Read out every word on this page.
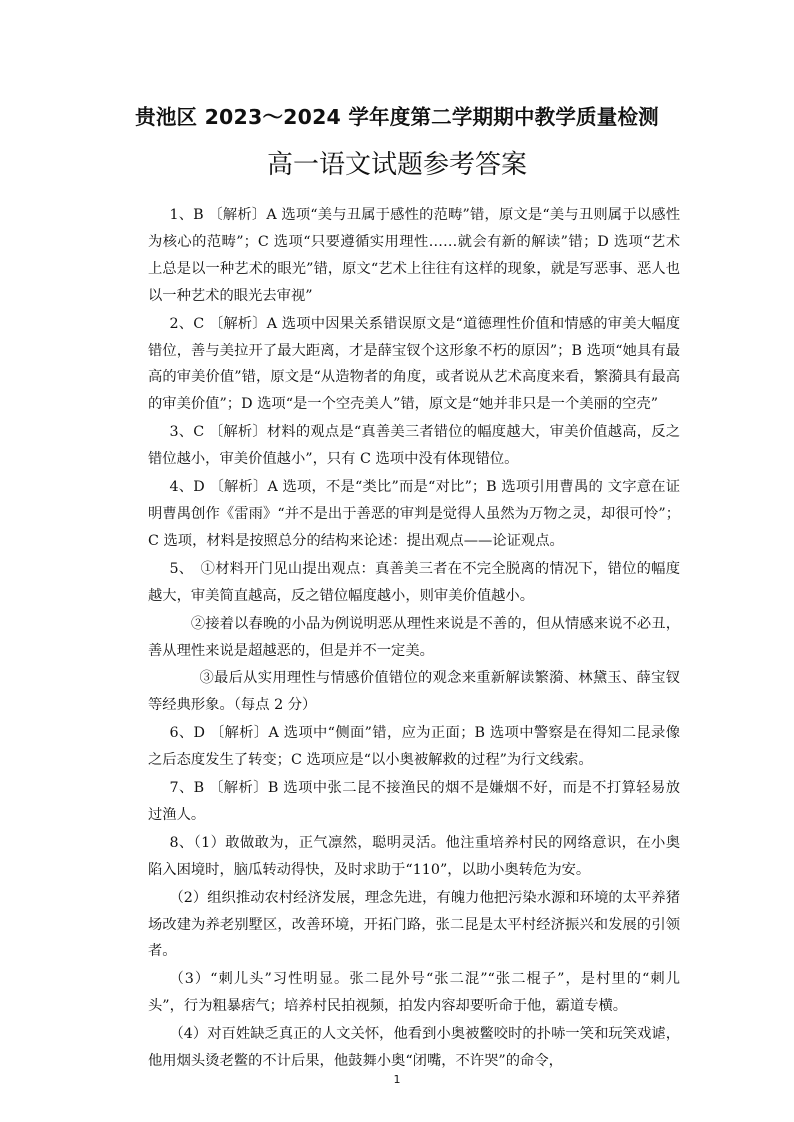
贵池区 2023～2024 学年度第二学期期中教学质量检测
高一语文试题参考答案

1、B 〔解析〕A 选项“美与丑属于感性的范畴”错，原文是“美与丑则属于以感性为核心的范畴”；C 选项“只要遵循实用理性……就会有新的解读”错；D 选项“艺术上总是以一种艺术的眼光”错，原文“艺术上往往有这样的现象，就是写恶事、恶人也以一种艺术的眼光去审视”

2、C 〔解析〕A 选项中因果关系错误原文是“道德理性价值和情感的审美大幅度错位，善与美拉开了最大距离，才是薛宝钗个这形象不朽的原因”；B 选项“她具有最高的审美价值”错，原文是“从造物者的角度，或者说从艺术高度来看，繁漪具有最高的审美价值”；D 选项“是一个空壳美人”错，原文是“她并非只是一个美丽的空壳”

3、C 〔解析〕材料的观点是“真善美三者错位的幅度越大，审美价值越高，反之错位越小，审美价值越小”，只有 C 选项中没有体现错位。

4、D 〔解析〕A 选项，不是“类比”而是“对比”；B 选项引用曹禺的 文字意在证明曹禺创作《雷雨》“并不是出于善恶的审判是觉得人虽然为万物之灵，却很可怜”；C 选项，材料是按照总分的结构来论述：提出观点——论证观点。

5、　①材料开门见山提出观点：真善美三者在不完全脱离的情况下，错位的幅度越大，审美简直越高，反之错位幅度越小，则审美价值越小。

②接着以春晚的小品为例说明恶从理性来说是不善的，但从情感来说不必丑，善从理性来说是超越恶的，但是并不一定美。

③最后从实用理性与情感价值错位的观念来重新解读繁漪、林黛玉、薛宝钗等经典形象。（每点 2 分）

6、D 〔解析〕A 选项中“侧面”错，应为正面；B 选项中警察是在得知二昆录像之后态度发生了转变；C 选项应是“以小奥被解救的过程”为行文线索。

7、B 〔解析〕B 选项中张二昆不接渔民的烟不是嫌烟不好，而是不打算轻易放过渔人。

8、（1）敢做敢为，正气凛然，聪明灵活。他注重培养村民的网络意识，在小奥陷入困境时，脑瓜转动得快，及时求助于“110”，以助小奥转危为安。

（2）组织推动农村经济发展，理念先进，有魄力他把污染水源和环境的太平养猪场改建为养老别墅区，改善环境，开拓门路，张二昆是太平村经济振兴和发展的引领者。

（3）“刺儿头”习性明显。张二昆外号“张二混”“张二棍子”，是村里的“刺儿头”，行为粗暴痞气；培养村民拍视频，拍发内容却要听命于他，霸道专横。

（4）对百姓缺乏真正的人文关怀，他看到小奥被鳖咬时的扑哧一笑和玩笑戏谑，他用烟头烫老鳖的不计后果，他鼓舞小奥“闭嘴，不许哭”的命令，

1
